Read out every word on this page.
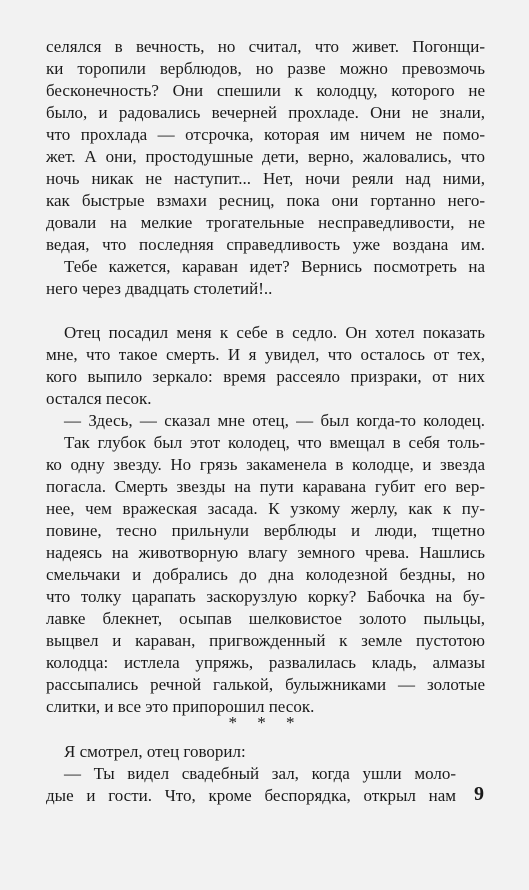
селялся в вечность, но считал, что живет. Погонщи-
ки торопили верблюдов, но разве можно превозмочь
бесконечность? Они спешили к колодцу, которого не
было, и радовались вечерней прохладе. Они не знали,
что прохлада — отсрочка, которая им ничем не помо-
жет. А они, простодушные дети, верно, жаловались, что
ночь никак не наступит... Нет, ночи реяли над ними,
как быстрые взмахи ресниц, пока они гортанно него-
довали на мелкие трогательные несправедливости, не
ведая, что последняя справедливость уже воздана им.
Тебе кажется, караван идет? Вернись посмотреть на
него через двадцать столетий!..
Отец посадил меня к себе в седло. Он хотел показать
мне, что такое смерть. И я увидел, что осталось от тех,
кого выпило зеркало: время рассеяло призраки, от них
остался песок.
— Здесь, — сказал мне отец, — был когда-то колодец.
Так глубок был этот колодец, что вмещал в себя толь-
ко одну звезду. Но грязь закаменела в колодце, и звезда
погасла. Смерть звезды на пути каравана губит его вер-
нее, чем вражеская засада. К узкому жерлу, как к пу-
повине, тесно прильнули верблюды и люди, тщетно
надеясь на животворную влагу земного чрева. Нашлись
смельчаки и добрались до дна колодезной бездны, но
что толку царапать заскорузлую корку? Бабочка на бу-
лавке блекнет, осыпав шелковистое золото пыльцы,
выцвел и караван, пригвожденный к земле пустотою
колодца: истлела упряжь, развалилась кладь, алмазы
рассыпались речной галькой, булыжниками — золотые
слитки, и все это припорошил песок.
* * *
Я смотрел, отец говорил:
— Ты видел свадебный зал, когда ушли моло-
дые и гости. Что, кроме беспорядка, открыл нам 9
